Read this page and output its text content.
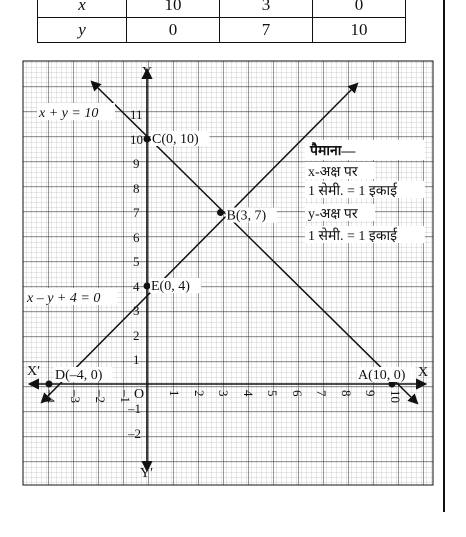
x	10	3	0
y	0	7	10
C(0, 10)
B(3, 7)
E(0, 4)
D(–4, 0)	A(10, 0)
Y
Y′
X
X′
O
1
2
3
4
5
6
7
8
9
10
11
–1
–2
–4 –3 –2 –1	1 2 3 4 5 6 7 8 9 10
x + y = 10
x – y + 4 = 0
पैमाना—
x-अक्ष पर
1 सेमी. = 1 इकाई
y-अक्ष पर
1 सेमी. = 1 इकाई
